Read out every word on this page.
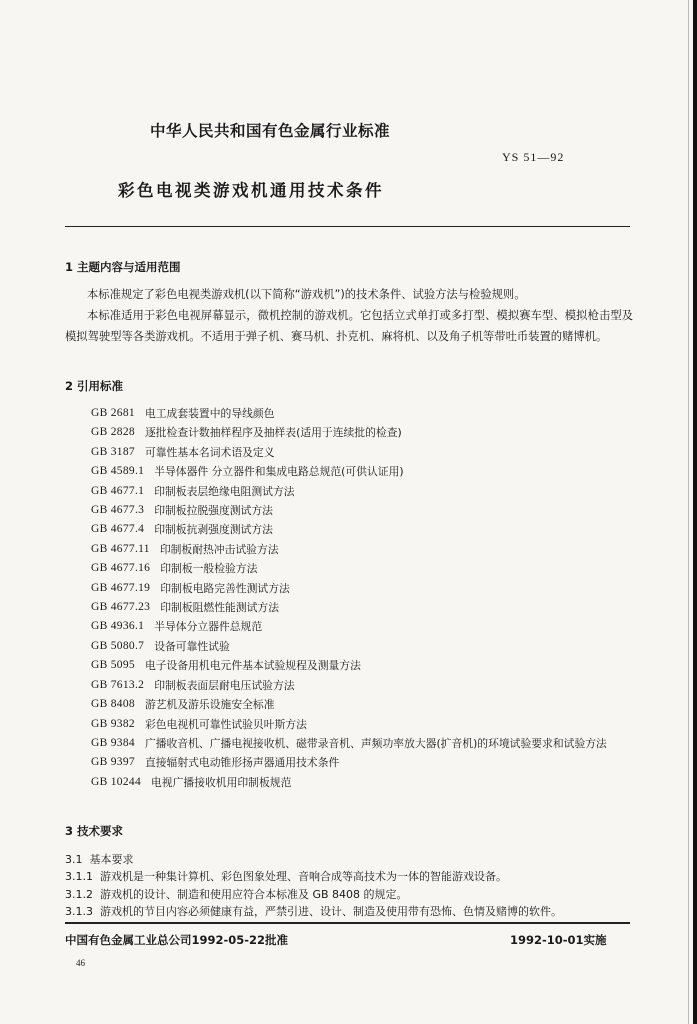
中华人民共和国有色金属行业标准
YS 51—92
彩色电视类游戏机通用技术条件
1 主题内容与适用范围

本标准规定了彩色电视类游戏机(以下简称“游戏机”)的技术条件、试验方法与检验规则。

本标准适用于彩色电视屏幕显示，微机控制的游戏机。它包括立式单打或多打型、模拟赛车型、模拟枪击型及模拟驾驶型等各类游戏机。不适用于弹子机、赛马机、扑克机、麻将机、以及角子机等带吐币装置的赌博机。

2 引用标准
GB 2681 电工成套装置中的导线颜色
GB 2828 逐批检查计数抽样程序及抽样表(适用于连续批的检查)
GB 3187 可靠性基本名词术语及定义
GB 4589.1 半导体器件 分立器件和集成电路总规范(可供认证用)
GB 4677.1 印制板表层绝缘电阻测试方法
GB 4677.3 印制板拉脱强度测试方法
GB 4677.4 印制板抗剥强度测试方法
GB 4677.11 印制板耐热冲击试验方法
GB 4677.16 印制板一般检验方法
GB 4677.19 印制板电路完善性测试方法
GB 4677.23 印制板阻燃性能测试方法
GB 4936.1 半导体分立器件总规范
GB 5080.7 设备可靠性试验
GB 5095 电子设备用机电元件基本试验规程及测量方法
GB 7613.2 印制板表面层耐电压试验方法
GB 8408 游艺机及游乐设施安全标准
GB 9382 彩色电视机可靠性试验贝叶斯方法
GB 9384 广播收音机、广播电视接收机、磁带录音机、声频功率放大器(扩音机)的环境试验要求和试验方法
GB 9397 直接辐射式电动锥形扬声器通用技术条件
GB 10244 电视广播接收机用印制板规范
3 技术要求
3.1 基本要求
3.1.1 游戏机是一种集计算机、彩色图象处理、音响合成等高技术为一体的智能游戏设备。
3.1.2 游戏机的设计、制造和使用应符合本标准及 GB 8408 的规定。
3.1.3 游戏机的节目内容必须健康有益，严禁引进、设计、制造及使用带有恐怖、色情及赌博的软件。
中国有色金属工业总公司1992-05-22批准	1992-10-01实施
46
